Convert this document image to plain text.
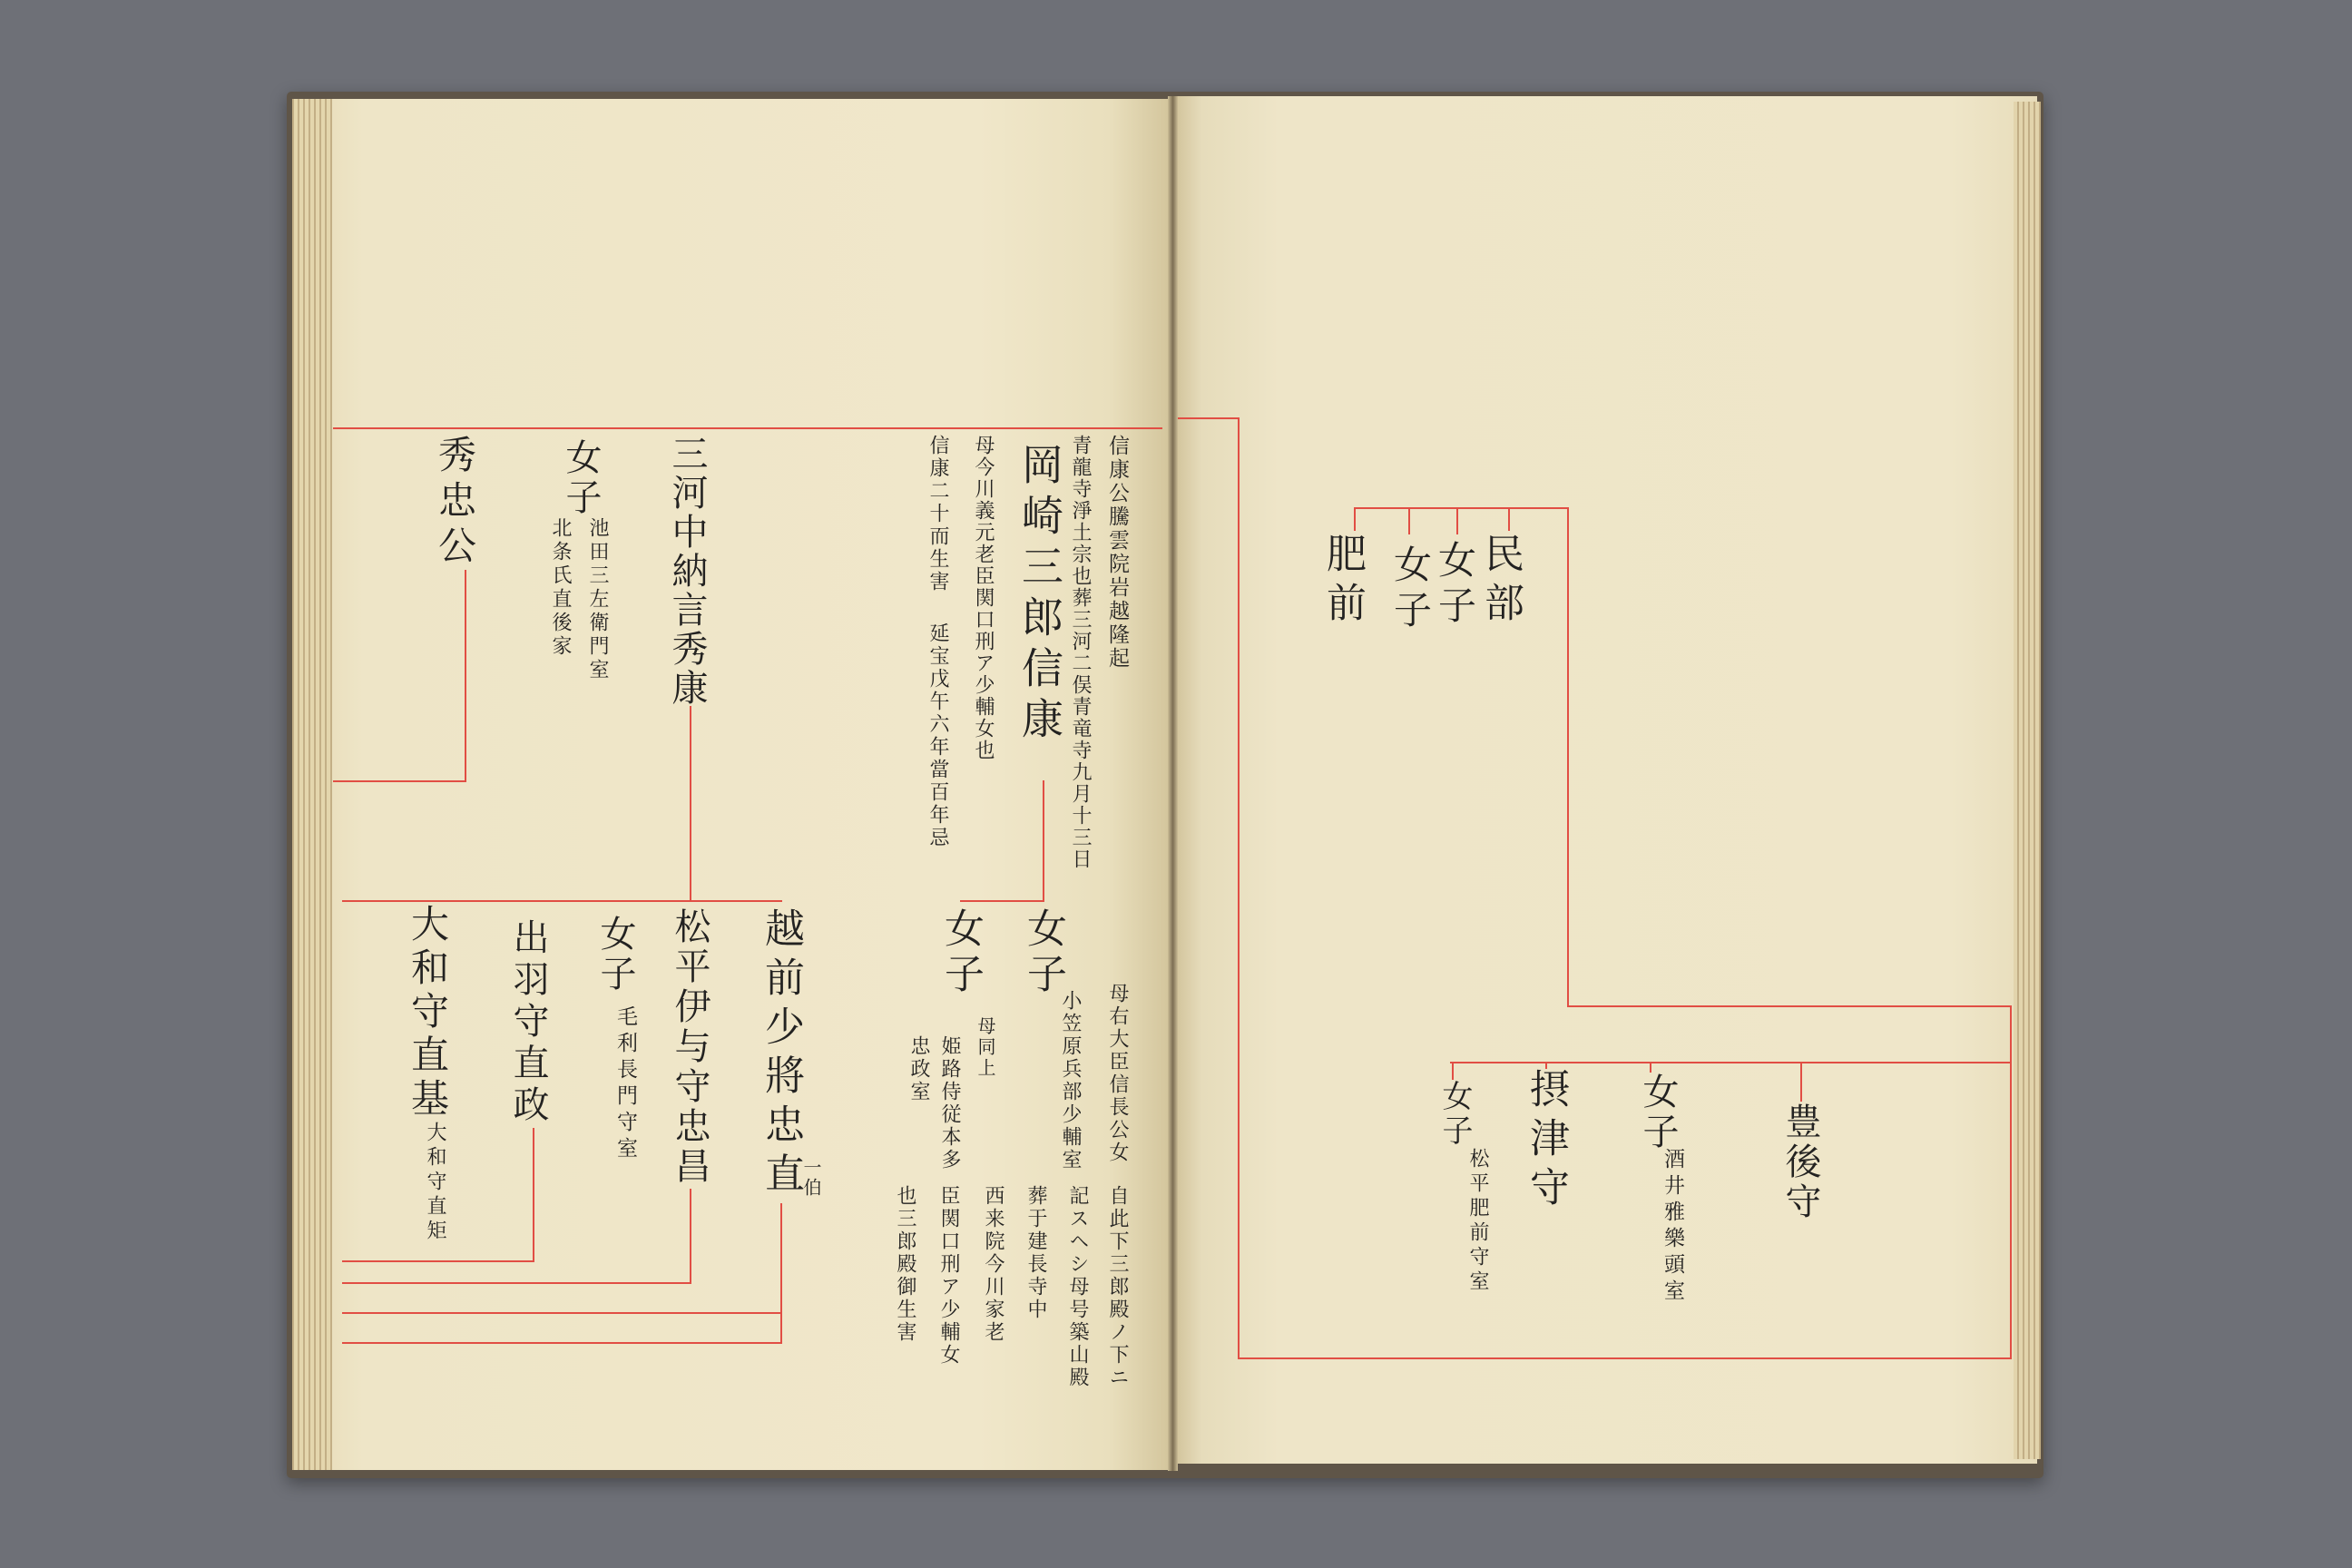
信康公騰雲院岩越隆起
青龍寺淨土宗也葬三河二俣青竜寺九月十三日
岡崎三郎信康
母今川義元老臣関口刑ア少輔女也
信康二十而生害
延宝戊午六年當百年忌
三河中納言秀康
女子
池田三左衛門室
北条氏直後家
秀忠公
女子
母右大臣信長公女
小笠原兵部少輔室
自此下三郎殿ノ下ニ
記スヘシ母号築山殿
葬于建長寺中
西来院今川家老
臣関口刑ア少輔女
也三郎殿御生害
女子
母同上
姫路侍従本多
忠政室
越前少將忠直
一伯
松平伊与守忠昌
女子
毛利長門守室
出羽守直政
大和守直基
大和守直矩
民部
女子
女子
肥前
豊後守
女子
酒井雅樂頭室
摂津守
女子
松平肥前守室
